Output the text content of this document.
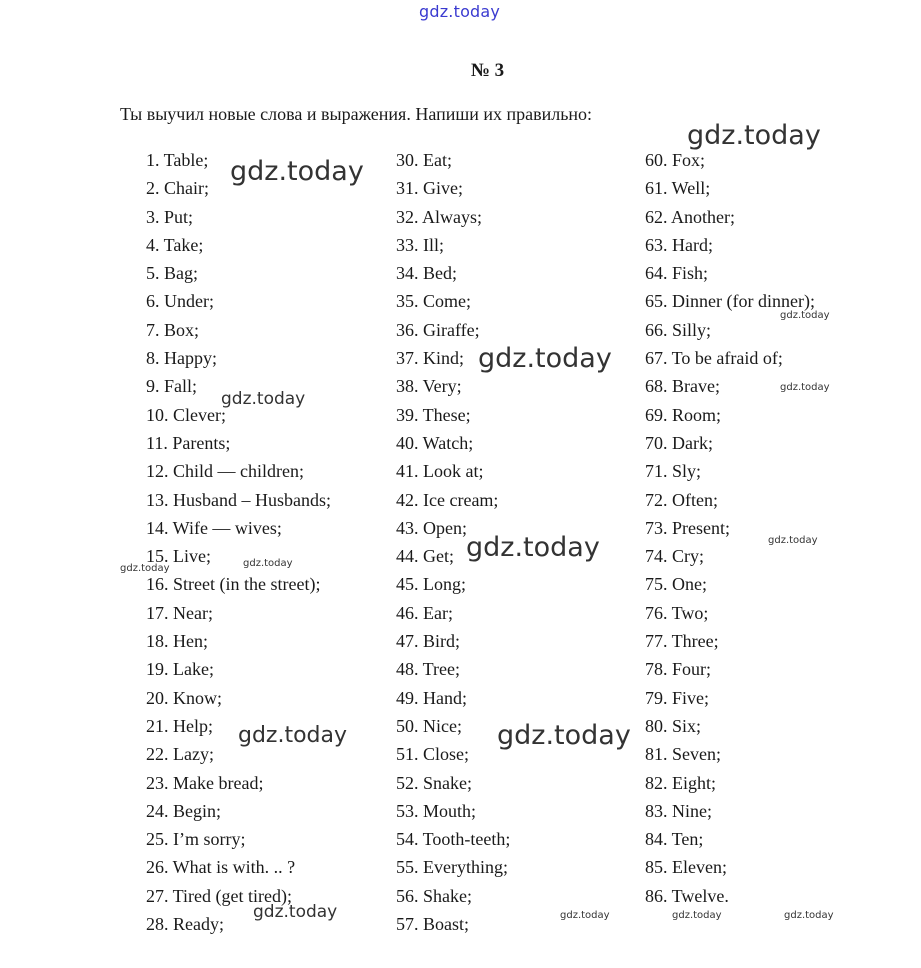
gdz.today
№ 3
Ты выучил новые слова и выражения. Напиши их правильно:
1. Table;
2. Chair;
3. Put;
4. Take;
5. Bag;
6. Under;
7. Box;
8. Happy;
9. Fall;
10. Clever;
11. Parents;
12. Child — children;
13. Husband – Husbands;
14. Wife — wives;
15. Live;
16. Street (in the street);
17. Near;
18. Hen;
19. Lake;
20. Know;
21. Help;
22. Lazy;
23. Make bread;
24. Begin;
25. I’m sorry;
26. What is with. .. ?
27. Tired (get tired);
28. Ready;
30. Eat;
31. Give;
32. Always;
33. Ill;
34. Bed;
35. Come;
36. Giraffe;
37. Kind;
38. Very;
39. These;
40. Watch;
41. Look at;
42. Ice cream;
43. Open;
44. Get;
45. Long;
46. Ear;
47. Bird;
48. Tree;
49. Hand;
50. Nice;
51. Close;
52. Snake;
53. Mouth;
54. Tooth-teeth;
55. Everything;
56. Shake;
57. Boast;
60. Fox;
61. Well;
62. Another;
63. Hard;
64. Fish;
65. Dinner (for dinner);
66. Silly;
67. To be afraid of;
68. Brave;
69. Room;
70. Dark;
71. Sly;
72. Often;
73. Present;
74. Cry;
75. One;
76. Two;
77. Three;
78. Four;
79. Five;
80. Six;
81. Seven;
82. Eight;
83. Nine;
84. Ten;
85. Eleven;
86. Twelve.
gdz.today
gdz.today
gdz.today
gdz.today
gdz.today
gdz.today
gdz.today
gdz.today
gdz.today
gdz.today
gdz.today
gdz.today
gdz.today	gdz.today	gdz.today	gdz.today
